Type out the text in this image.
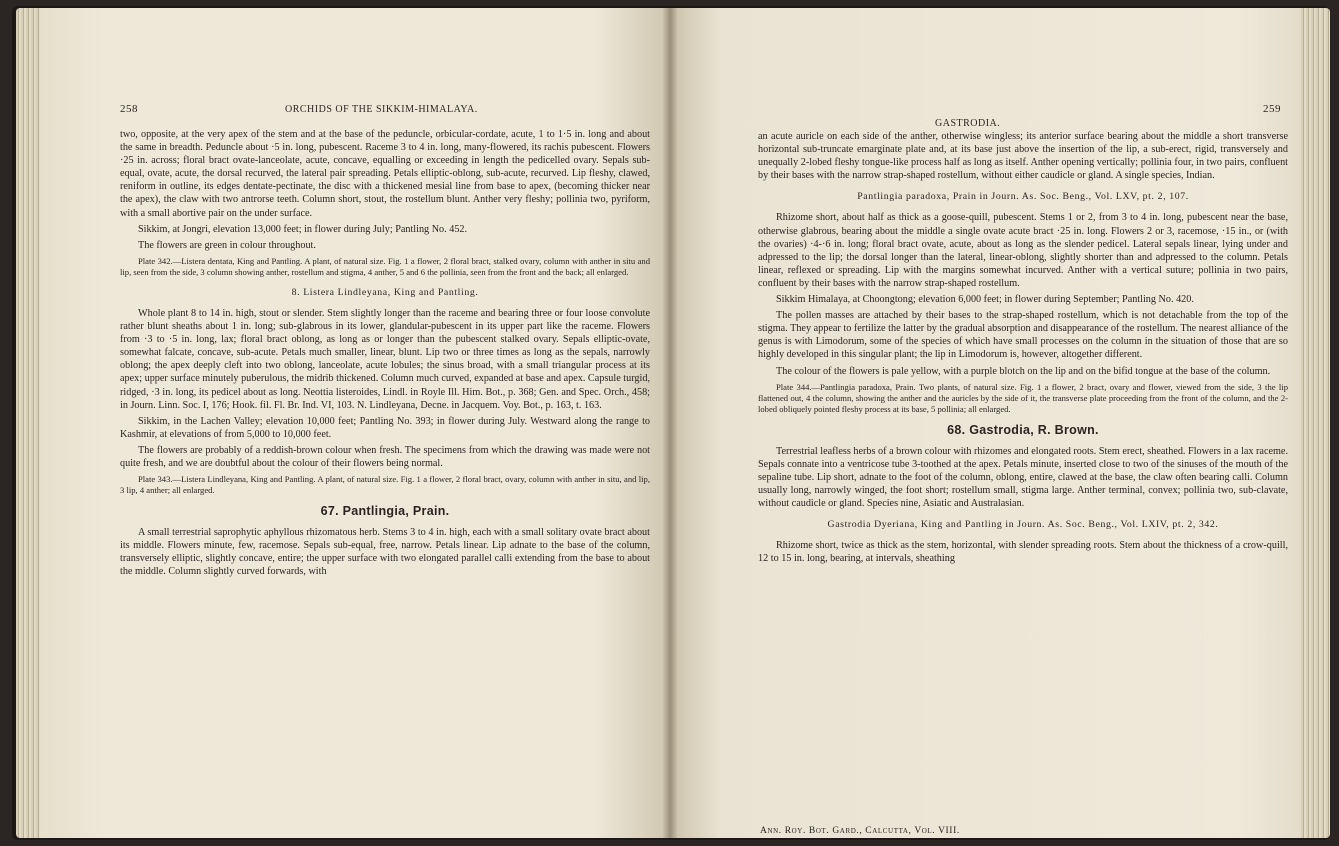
258	ORCHIDS OF THE SIKKIM-HIMALAYA.
GASTRODIA.
259

two, opposite, at the very apex of the stem and at the base of the peduncle, orbicular-cordate, acute, 1 to 1·5 in. long and about the same in breadth. Peduncle about ·5 in. long, pubescent. Raceme 3 to 4 in. long, many-flowered, its rachis pubescent. Flowers ·25 in. across; floral bract ovate-lanceolate, acute, concave, equalling or exceeding in length the pedicelled ovary. Sepals sub-equal, ovate, acute, the dorsal recurved, the lateral pair spreading. Petals elliptic-oblong, sub-acute, recurved. Lip fleshy, clawed, reniform in outline, its edges dentate-pectinate, the disc with a thickened mesial line from base to apex, (becoming thicker near the apex), the claw with two antrorse teeth. Column short, stout, the rostellum blunt. Anther very fleshy; pollinia two, pyriform, with a small abortive pair on the under surface.

Sikkim, at Jongri, elevation 13,000 feet; in flower during July; Pantling No. 452.

The flowers are green in colour throughout.

Plate 342.—Listera dentata, King and Pantling. A plant, of natural size. Fig. 1 a flower, 2 floral bract, stalked ovary, column with anther in situ and lip, seen from the side, 3 column showing anther, rostellum and stigma, 4 anther, 5 and 6 the pollinia, seen from the front and the back; all enlarged.

8. Listera Lindleyana, King and Pantling.

Whole plant 8 to 14 in. high, stout or slender. Stem slightly longer than the raceme and bearing three or four loose convolute rather blunt sheaths about 1 in. long; sub-glabrous in its lower, glandular-pubescent in its upper part like the raceme. Flowers from ·3 to ·5 in. long, lax; floral bract oblong, as long as or longer than the pubescent stalked ovary. Sepals elliptic-ovate, somewhat falcate, concave, sub-acute. Petals much smaller, linear, blunt. Lip two or three times as long as the sepals, narrowly oblong; the apex deeply cleft into two oblong, lanceolate, acute lobules; the sinus broad, with a small triangular process at its apex; upper surface minutely puberulous, the midrib thickened. Column much curved, expanded at base and apex. Capsule turgid, ridged, ·3 in. long, its pedicel about as long. Neottia listeroides, Lindl. in Royle Ill. Him. Bot., p. 368; Gen. and Spec. Orch., 458; in Journ. Linn. Soc. I, 176; Hook. fil. Fl. Br. Ind. VI, 103. N. Lindleyana, Decne. in Jacquem. Voy. Bot., p. 163, t. 163.

Sikkim, in the Lachen Valley; elevation 10,000 feet; Pantling No. 393; in flower during July. Westward along the range to Kashmir, at elevations of from 5,000 to 10,000 feet.

The flowers are probably of a reddish-brown colour when fresh. The specimens from which the drawing was made were not quite fresh, and we are doubtful about the colour of their flowers being normal.

Plate 343.—Listera Lindleyana, King and Pantling. A plant, of natural size. Fig. 1 a flower, 2 floral bract, ovary, column with anther in situ, and lip, 3 lip, 4 anther; all enlarged.

67. Pantlingia, Prain.

A small terrestrial saprophytic aphyllous rhizomatous herb. Stems 3 to 4 in. high, each with a small solitary ovate bract about its middle. Flowers minute, few, racemose. Sepals sub-equal, free, narrow. Petals linear. Lip adnate to the base of the column, transversely elliptic, slightly concave, entire; the upper surface with two elongated parallel calli extending from the base to about the middle. Column slightly curved forwards, with

an acute auricle on each side of the anther, otherwise wingless; its anterior surface bearing about the middle a short transverse horizontal sub-truncate emarginate plate and, at its base just above the insertion of the lip, a sub-erect, rigid, transversely and unequally 2-lobed fleshy tongue-like process half as long as itself. Anther opening vertically; pollinia four, in two pairs, confluent by their bases with the narrow strap-shaped rostellum, without either caudicle or gland. A single species, Indian.

Pantlingia paradoxa, Prain in Journ. As. Soc. Beng., Vol. LXV, pt. 2, 107.

Rhizome short, about half as thick as a goose-quill, pubescent. Stems 1 or 2, from 3 to 4 in. long, pubescent near the base, otherwise glabrous, bearing about the middle a single ovate acute bract ·25 in. long. Flowers 2 or 3, racemose, ·15 in., or (with the ovaries) ·4-·6 in. long; floral bract ovate, acute, about as long as the slender pedicel. Lateral sepals linear, lying under and adpressed to the lip; the dorsal longer than the lateral, linear-oblong, slightly shorter than and adpressed to the column. Petals linear, reflexed or spreading. Lip with the margins somewhat incurved. Anther with a vertical suture; pollinia in two pairs, confluent by their bases with the narrow strap-shaped rostellum.

Sikkim Himalaya, at Choongtong; elevation 6,000 feet; in flower during September; Pantling No. 420.

The pollen masses are attached by their bases to the strap-shaped rostellum, which is not detachable from the top of the stigma. They appear to fertilize the latter by the gradual absorption and disappearance of the rostellum. The nearest alliance of the genus is with Limodorum, some of the species of which have small processes on the column in the situation of those that are so highly developed in this singular plant; the lip in Limodorum is, however, altogether different.

The colour of the flowers is pale yellow, with a purple blotch on the lip and on the bifid tongue at the base of the column.

Plate 344.—Pantlingia paradoxa, Prain. Two plants, of natural size. Fig. 1 a flower, 2 bract, ovary and flower, viewed from the side, 3 the lip flattened out, 4 the column, showing the anther and the auricles by the side of it, the transverse plate proceeding from the front of the column, and the 2-lobed obliquely pointed fleshy process at its base, 5 pollinia; all enlarged.

68. Gastrodia, R. Brown.

Terrestrial leafless herbs of a brown colour with rhizomes and elongated roots. Stem erect, sheathed. Flowers in a lax raceme. Sepals connate into a ventricose tube 3-toothed at the apex. Petals minute, inserted close to two of the sinuses of the mouth of the sepaline tube. Lip short, adnate to the foot of the column, oblong, entire, clawed at the base, the claw often bearing calli. Column usually long, narrowly winged, the foot short; rostellum small, stigma large. Anther terminal, convex; pollinia two, sub-clavate, without caudicle or gland. Species nine, Asiatic and Australasian.

Gastrodia Dyeriana, King and Pantling in Journ. As. Soc. Beng., Vol. LXIV, pt. 2, 342.

Rhizome short, twice as thick as the stem, horizontal, with slender spreading roots. Stem about the thickness of a crow-quill, 12 to 15 in. long, bearing, at intervals, sheathing

Ann. Roy. Bot. Gard., Calcutta, Vol. VIII.
